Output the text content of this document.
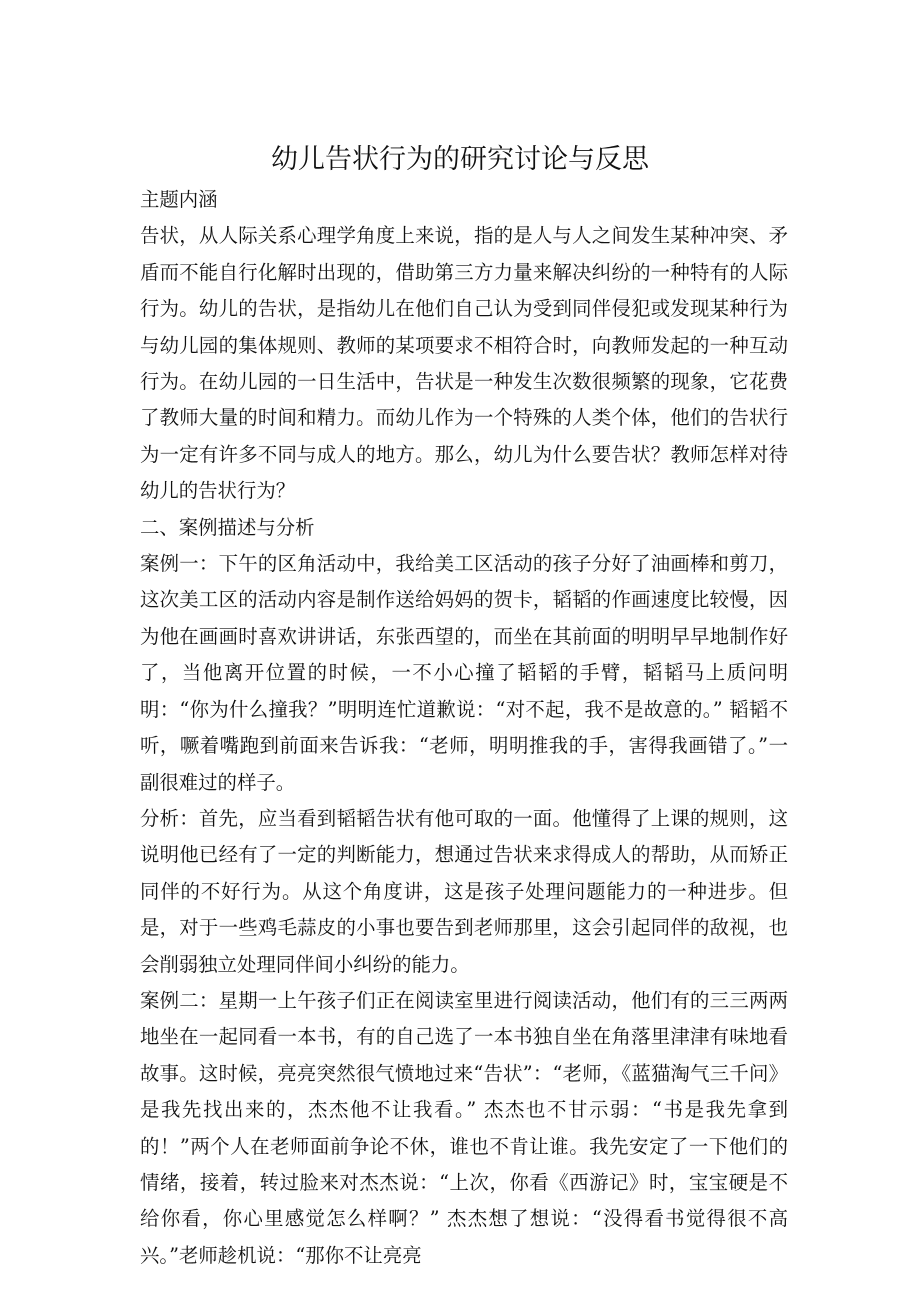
幼儿告状行为的研究讨论与反思

主题内涵

告状，从人际关系心理学角度上来说，指的是人与人之间发生某种冲突、矛盾而不能自行化解时出现的，借助第三方力量来解决纠纷的一种特有的人际行为。幼儿的告状，是指幼儿在他们自己认为受到同伴侵犯或发现某种行为与幼儿园的集体规则、教师的某项要求不相符合时，向教师发起的一种互动行为。在幼儿园的一日生活中，告状是一种发生次数很频繁的现象，它花费了教师大量的时间和精力。而幼儿作为一个特殊的人类个体，他们的告状行为一定有许多不同与成人的地方。那么，幼儿为什么要告状？教师怎样对待幼儿的告状行为？

二、案例描述与分析

案例一：下午的区角活动中，我给美工区活动的孩子分好了油画棒和剪刀，这次美工区的活动内容是制作送给妈妈的贺卡，韬韬的作画速度比较慢，因为他在画画时喜欢讲讲话，东张西望的，而坐在其前面的明明早早地制作好了，当他离开位置的时候，一不小心撞了韬韬的手臂，韬韬马上质问明明：“你为什么撞我？”明明连忙道歉说：“对不起，我不是故意的。” 韬韬不听，噘着嘴跑到前面来告诉我：“老师，明明推我的手，害得我画错了。”一副很难过的样子。

分析：首先，应当看到韬韬告状有他可取的一面。他懂得了上课的规则，这说明他已经有了一定的判断能力，想通过告状来求得成人的帮助，从而矫正同伴的不好行为。从这个角度讲，这是孩子处理问题能力的一种进步。但是，对于一些鸡毛蒜皮的小事也要告到老师那里，这会引起同伴的敌视，也会削弱独立处理同伴间小纠纷的能力。

案例二：星期一上午孩子们正在阅读室里进行阅读活动，他们有的三三两两地坐在一起同看一本书，有的自己选了一本书独自坐在角落里津津有味地看故事。这时候，亮亮突然很气愤地过来“告状”：“老师，《蓝猫淘气三千问》是我先找出来的，杰杰他不让我看。” 杰杰也不甘示弱：“书是我先拿到的！”两个人在老师面前争论不休，谁也不肯让谁。我先安定了一下他们的情绪，接着，转过脸来对杰杰说：“上次，你看《西游记》时，宝宝硬是不给你看，你心里感觉怎么样啊？” 杰杰想了想说：“没得看书觉得很不高兴。”老师趁机说：“那你不让亮亮
